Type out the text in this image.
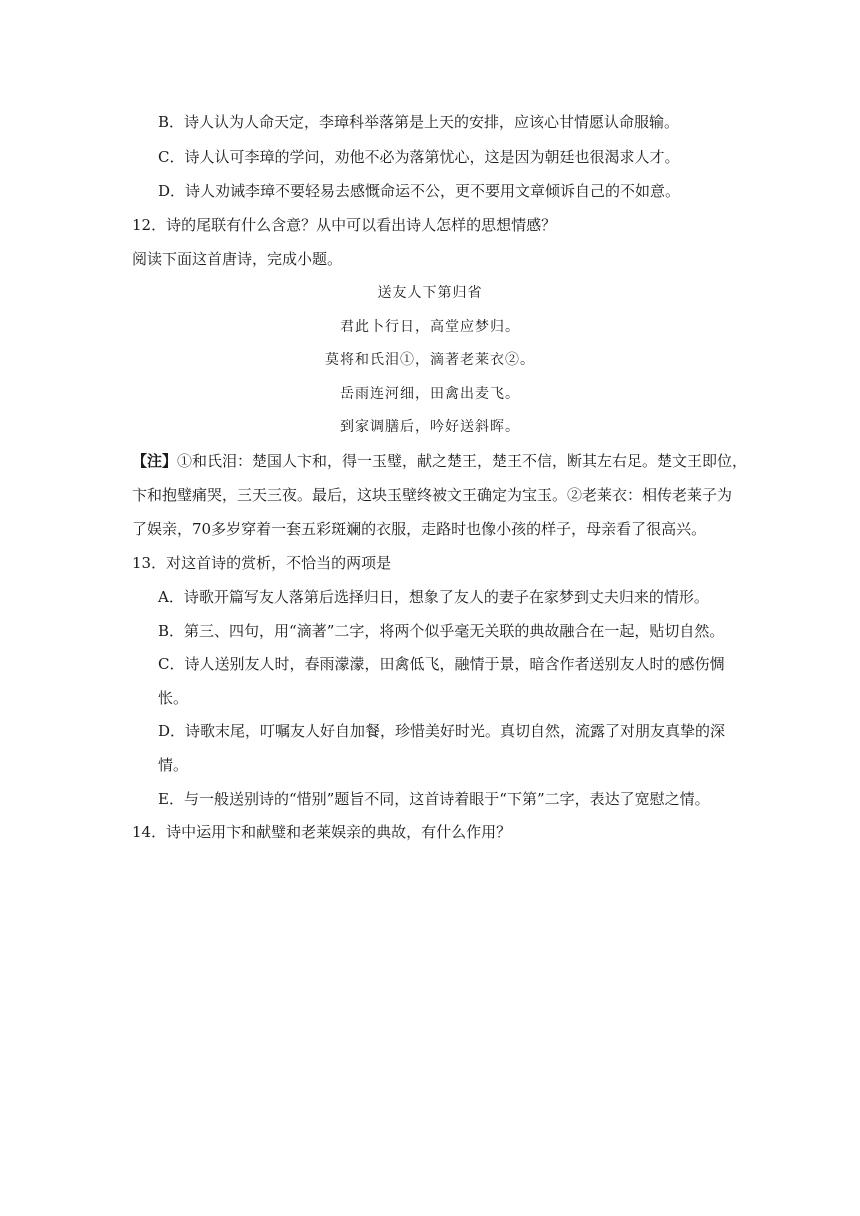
B．诗人认为人命天定，李璋科举落第是上天的安排，应该心甘情愿认命服输。
C．诗人认可李璋的学问，劝他不必为落第忧心，这是因为朝廷也很渴求人才。
D．诗人劝诫李璋不要轻易去感慨命运不公，更不要用文章倾诉自己的不如意。
12．诗的尾联有什么含意？从中可以看出诗人怎样的思想情感？
阅读下面这首唐诗，完成小题。
送友人下第归省
君此卜行日，高堂应梦归。
莫将和氏泪①，滴著老莱衣②。
岳雨连河细，田禽出麦飞。
到家调膳后，吟好送斜晖。
【注】①和氏泪：楚国人卞和，得一玉璧，献之楚王，楚王不信，断其左右足。楚文王即位，
卞和抱璧痛哭，三天三夜。最后，这块玉壁终被文王确定为宝玉。②老莱衣：相传老莱子为
了娱亲，70多岁穿着一套五彩斑斓的衣服，走路时也像小孩的样子，母亲看了很高兴。
13．对这首诗的赏析，不恰当的两项是
A．诗歌开篇写友人落第后选择归日，想象了友人的妻子在家梦到丈夫归来的情形。
B．第三、四句，用“滴著”二字，将两个似乎毫无关联的典故融合在一起，贴切自然。
C．诗人送别友人时，春雨濛濛，田禽低飞，融情于景，暗含作者送别友人时的感伤惆
怅。
D．诗歌末尾，叮嘱友人好自加餐，珍惜美好时光。真切自然，流露了对朋友真挚的深
情。
E．与一般送别诗的“惜别”题旨不同，这首诗着眼于“下第”二字，表达了宽慰之情。
14．诗中运用卞和献璧和老莱娱亲的典故，有什么作用？
